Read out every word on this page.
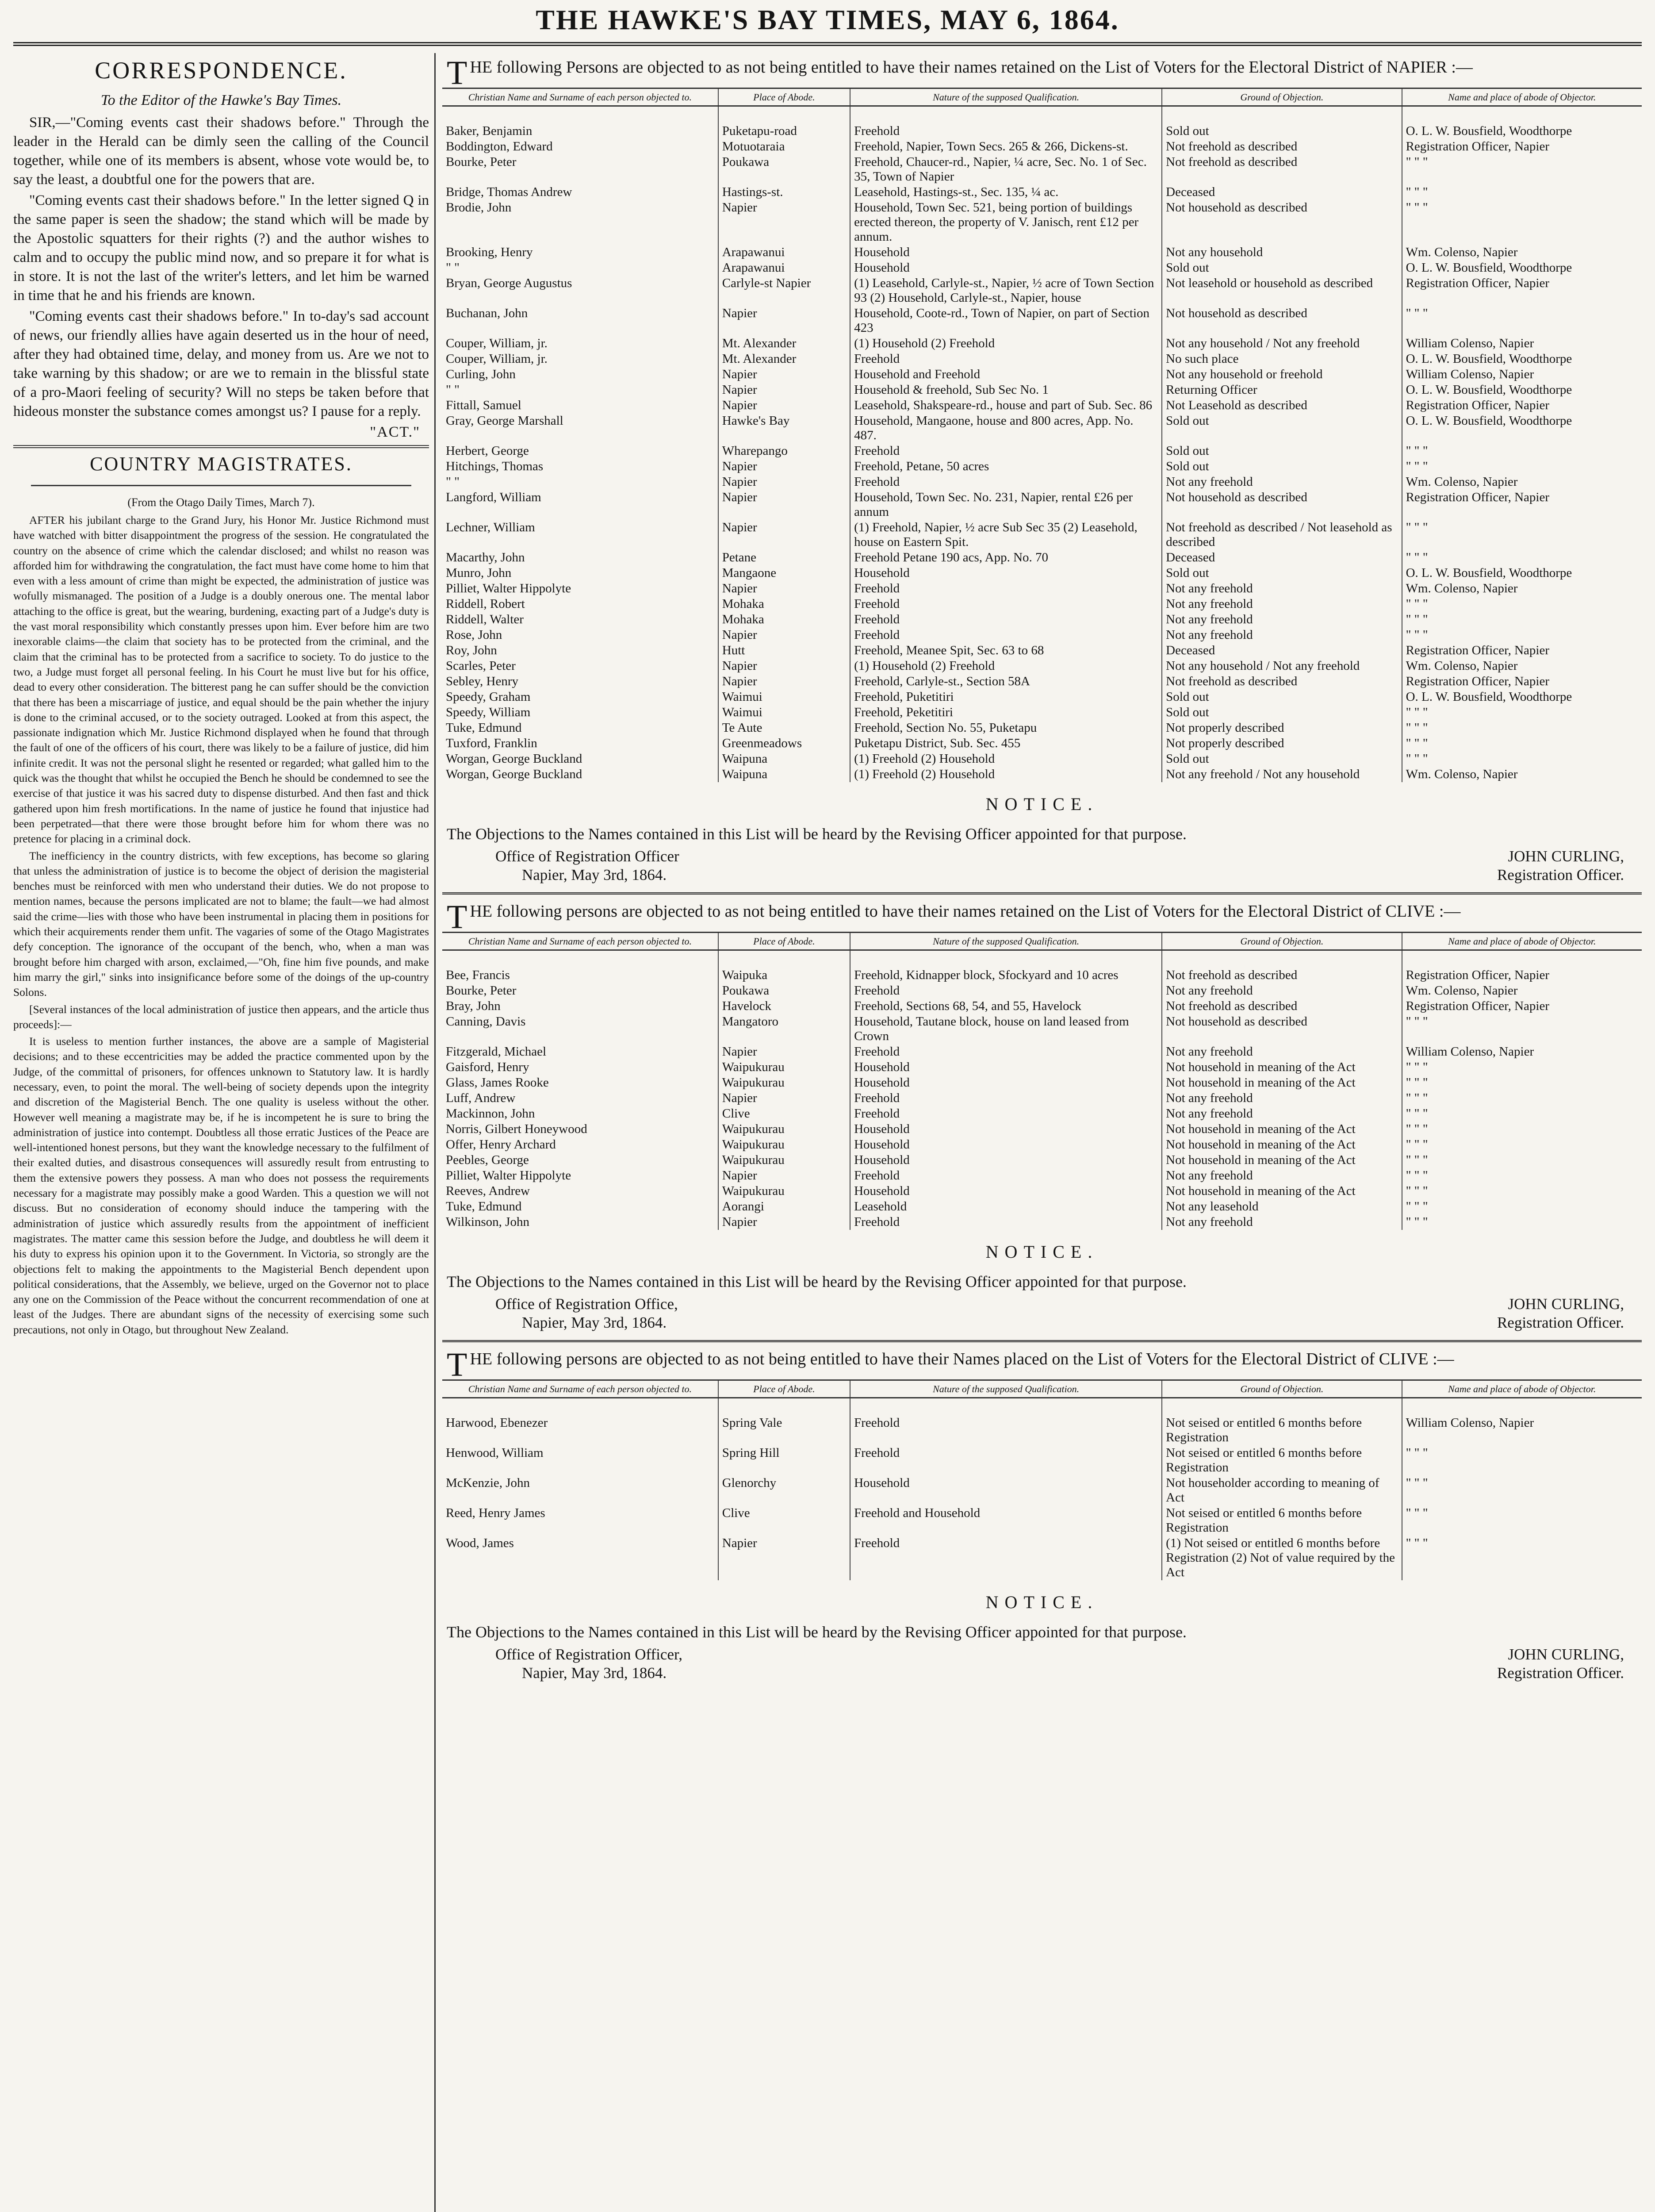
THE HAWKE'S BAY TIMES, MAY 6, 1864.
CORRESPONDENCE.
To the Editor of the Hawke's Bay Times.

SIR,—"Coming events cast their shadows before." Through the leader in the Herald can be dimly seen the calling of the Council together, while one of its members is absent, whose vote would be, to say the least, a doubtful one for the powers that are.

"Coming events cast their shadows before." In the letter signed Q in the same paper is seen the shadow; the stand which will be made by the Apostolic squatters for their rights (?) and the author wishes to calm and to occupy the public mind now, and so prepare it for what is in store. It is not the last of the writer's letters, and let him be warned in time that he and his friends are known.

"Coming events cast their shadows before." In to-day's sad account of news, our friendly allies have again deserted us in the hour of need, after they had obtained time, delay, and money from us. Are we not to take warning by this shadow; or are we to remain in the blissful state of a pro-Maori feeling of security? Will no steps be taken before that hideous monster the substance comes amongst us? I pause for a reply.

"ACT."
COUNTRY MAGISTRATES.
(From the Otago Daily Times, March 7).

AFTER his jubilant charge to the Grand Jury, his Honor Mr. Justice Richmond must have watched with bitter disappointment the progress of the session. He congratulated the country on the absence of crime which the calendar disclosed; and whilst no reason was afforded him for withdrawing the congratulation, the fact must have come home to him that even with a less amount of crime than might be expected, the administration of justice was wofully mismanaged. The position of a Judge is a doubly onerous one. The mental labor attaching to the office is great, but the wearing, burdening, exacting part of a Judge's duty is the vast moral responsibility which constantly presses upon him. Ever before him are two inexorable claims—the claim that society has to be protected from the criminal, and the claim that the criminal has to be protected from a sacrifice to society. To do justice to the two, a Judge must forget all personal feeling. In his Court he must live but for his office, dead to every other consideration. The bitterest pang he can suffer should be the conviction that there has been a miscarriage of justice, and equal should be the pain whether the injury is done to the criminal accused, or to the society outraged. Looked at from this aspect, the passionate indignation which Mr. Justice Richmond displayed when he found that through the fault of one of the officers of his court, there was likely to be a failure of justice, did him infinite credit. It was not the personal slight he resented or regarded; what galled him to the quick was the thought that whilst he occupied the Bench he should be condemned to see the exercise of that justice it was his sacred duty to dispense disturbed. And then fast and thick gathered upon him fresh mortifications. In the name of justice he found that injustice had been perpetrated—that there were those brought before him for whom there was no pretence for placing in a criminal dock.

The inefficiency in the country districts, with few exceptions, has become so glaring that unless the administration of justice is to become the object of derision the magisterial benches must be reinforced with men who understand their duties. We do not propose to mention names, because the persons implicated are not to blame; the fault—we had almost said the crime—lies with those who have been instrumental in placing them in positions for which their acquirements render them unfit. The vagaries of some of the Otago Magistrates defy conception. The ignorance of the occupant of the bench, who, when a man was brought before him charged with arson, exclaimed,—"Oh, fine him five pounds, and make him marry the girl," sinks into insignificance before some of the doings of the up-country Solons.

[Several instances of the local administration of justice then appears, and the article thus proceeds]:—

It is useless to mention further instances, the above are a sample of Magisterial decisions; and to these eccentricities may be added the practice commented upon by the Judge, of the committal of prisoners, for offences unknown to Statutory law. It is hardly necessary, even, to point the moral. The well-being of society depends upon the integrity and discretion of the Magisterial Bench. The one quality is useless without the other. However well meaning a magistrate may be, if he is incompetent he is sure to bring the administration of justice into contempt. Doubtless all those erratic Justices of the Peace are well-intentioned honest persons, but they want the knowledge necessary to the fulfilment of their exalted duties, and disastrous consequences will assuredly result from entrusting to them the extensive powers they possess. A man who does not possess the requirements necessary for a magistrate may possibly make a good Warden. This a question we will not discuss. But no consideration of economy should induce the tampering with the administration of justice which assuredly results from the appointment of inefficient magistrates. The matter came this session before the Judge, and doubtless he will deem it his duty to express his opinion upon it to the Government. In Victoria, so strongly are the objections felt to making the appointments to the Magisterial Bench dependent upon political considerations, that the Assembly, we believe, urged on the Governor not to place any one on the Commission of the Peace without the concurrent recommendation of one at least of the Judges. There are abundant signs of the necessity of exercising some such precautions, not only in Otago, but throughout New Zealand.

THE following Persons are objected to as not being entitled to have their names retained on the List of Voters for the Electoral District of NAPIER :—
Christian Name and Surname of each person objected to.	Place of Abode.	Nature of the supposed Qualification.	Ground of Objection.	Name and place of abode of Objector.

Baker, Benjamin	Puketapu-road	Freehold	Sold out	O. L. W. Bousfield, Woodthorpe
Boddington, Edward	Motuotaraia	Freehold, Napier, Town Secs. 265 & 266, Dickens-st.	Not freehold as described	Registration Officer, Napier
Bourke, Peter	Poukawa	Freehold, Chaucer-rd., Napier, ¼ acre, Sec. No. 1 of Sec. 35, Town of Napier	Not freehold as described	" " "
Bridge, Thomas Andrew	Hastings-st.	Leasehold, Hastings-st., Sec. 135, ¼ ac.	Deceased	" " "
Brodie, John	Napier	Household, Town Sec. 521, being portion of buildings erected thereon, the property of V. Janisch, rent £12 per annum.	Not household as described	" " "
Brooking, Henry	Arapawanui	Household	Not any household	Wm. Colenso, Napier
" "	Arapawanui	Household	Sold out	O. L. W. Bousfield, Woodthorpe
Bryan, George Augustus	Carlyle-st Napier	(1) Leasehold, Carlyle-st., Napier, ½ acre of Town Section 93 (2) Household, Carlyle-st., Napier, house	Not leasehold or household as described	Registration Officer, Napier
Buchanan, John	Napier	Household, Coote-rd., Town of Napier, on part of Section 423	Not household as described	" " "
Couper, William, jr.	Mt. Alexander	(1) Household (2) Freehold	Not any household / Not any freehold	William Colenso, Napier
Couper, William, jr.	Mt. Alexander	Freehold	No such place	O. L. W. Bousfield, Woodthorpe
Curling, John	Napier	Household and Freehold	Not any household or freehold	William Colenso, Napier
" "	Napier	Household & freehold, Sub Sec No. 1	Returning Officer	O. L. W. Bousfield, Woodthorpe
Fittall, Samuel	Napier	Leasehold, Shakspeare-rd., house and part of Sub. Sec. 86	Not Leasehold as described	Registration Officer, Napier
Gray, George Marshall	Hawke's Bay	Household, Mangaone, house and 800 acres, App. No. 487.	Sold out	O. L. W. Bousfield, Woodthorpe
Herbert, George	Wharepango	Freehold	Sold out	" " "
Hitchings, Thomas	Napier	Freehold, Petane, 50 acres	Sold out	" " "
" "	Napier	Freehold	Not any freehold	Wm. Colenso, Napier
Langford, William	Napier	Household, Town Sec. No. 231, Napier, rental £26 per annum	Not household as described	Registration Officer, Napier
Lechner, William	Napier	(1) Freehold, Napier, ½ acre Sub Sec 35 (2) Leasehold, house on Eastern Spit.	Not freehold as described / Not leasehold as described	" " "
Macarthy, John	Petane	Freehold Petane 190 acs, App. No. 70	Deceased	" " "
Munro, John	Mangaone	Household	Sold out	O. L. W. Bousfield, Woodthorpe
Pilliet, Walter Hippolyte	Napier	Freehold	Not any freehold	Wm. Colenso, Napier
Riddell, Robert	Mohaka	Freehold	Not any freehold	" " "
Riddell, Walter	Mohaka	Freehold	Not any freehold	" " "
Rose, John	Napier	Freehold	Not any freehold	" " "
Roy, John	Hutt	Freehold, Meanee Spit, Sec. 63 to 68	Deceased	Registration Officer, Napier
Scarles, Peter	Napier	(1) Household (2) Freehold	Not any household / Not any freehold	Wm. Colenso, Napier
Sebley, Henry	Napier	Freehold, Carlyle-st., Section 58A	Not freehold as described	Registration Officer, Napier
Speedy, Graham	Waimui	Freehold, Puketitiri	Sold out	O. L. W. Bousfield, Woodthorpe
Speedy, William	Waimui	Freehold, Peketitiri	Sold out	" " "
Tuke, Edmund	Te Aute	Freehold, Section No. 55, Puketapu	Not properly described	" " "
Tuxford, Franklin	Greenmeadows	Puketapu District, Sub. Sec. 455	Not properly described	" " "
Worgan, George Buckland	Waipuna	(1) Freehold (2) Household	Sold out	" " "
Worgan, George Buckland	Waipuna	(1) Freehold (2) Household	Not any freehold / Not any household	Wm. Colenso, Napier
NOTICE.
The Objections to the Names contained in this List will be heard by the Revising Officer appointed for that purpose.
Office of Registration Officer
Napier, May 3rd, 1864.
JOHN CURLING,
Registration Officer.
THE following persons are objected to as not being entitled to have their names retained on the List of Voters for the Electoral District of CLIVE :—
Christian Name and Surname of each person objected to.	Place of Abode.	Nature of the supposed Qualification.	Ground of Objection.	Name and place of abode of Objector.

Bee, Francis	Waipuka	Freehold, Kidnapper block, Sfockyard and 10 acres	Not freehold as described	Registration Officer, Napier
Bourke, Peter	Poukawa	Freehold	Not any freehold	Wm. Colenso, Napier
Bray, John	Havelock	Freehold, Sections 68, 54, and 55, Havelock	Not freehold as described	Registration Officer, Napier
Canning, Davis	Mangatoro	Household, Tautane block, house on land leased from Crown	Not household as described	" " "
Fitzgerald, Michael	Napier	Freehold	Not any freehold	William Colenso, Napier
Gaisford, Henry	Waipukurau	Household	Not household in meaning of the Act	" " "
Glass, James Rooke	Waipukurau	Household	Not household in meaning of the Act	" " "
Luff, Andrew	Napier	Freehold	Not any freehold	" " "
Mackinnon, John	Clive	Freehold	Not any freehold	" " "
Norris, Gilbert Honeywood	Waipukurau	Household	Not household in meaning of the Act	" " "
Offer, Henry Archard	Waipukurau	Household	Not household in meaning of the Act	" " "
Peebles, George	Waipukurau	Household	Not household in meaning of the Act	" " "
Pilliet, Walter Hippolyte	Napier	Freehold	Not any freehold	" " "
Reeves, Andrew	Waipukurau	Household	Not household in meaning of the Act	" " "
Tuke, Edmund	Aorangi	Leasehold	Not any leasehold	" " "
Wilkinson, John	Napier	Freehold	Not any freehold	" " "
NOTICE.
The Objections to the Names contained in this List will be heard by the Revising Officer appointed for that purpose.
Office of Registration Office,
Napier, May 3rd, 1864.
JOHN CURLING,
Registration Officer.
THE following persons are objected to as not being entitled to have their Names placed on the List of Voters for the Electoral District of CLIVE :—
Christian Name and Surname of each person objected to.	Place of Abode.	Nature of the supposed Qualification.	Ground of Objection.	Name and place of abode of Objector.

Harwood, Ebenezer	Spring Vale	Freehold	Not seised or entitled 6 months before Registration	William Colenso, Napier
Henwood, William	Spring Hill	Freehold	Not seised or entitled 6 months before Registration	" " "
McKenzie, John	Glenorchy	Household	Not householder according to meaning of Act	" " "
Reed, Henry James	Clive	Freehold and Household	Not seised or entitled 6 months before Registration	" " "
Wood, James	Napier	Freehold	(1) Not seised or entitled 6 months before Registration (2) Not of value required by the Act	" " "
NOTICE.
The Objections to the Names contained in this List will be heard by the Revising Officer appointed for that purpose.
Office of Registration Officer,
Napier, May 3rd, 1864.
JOHN CURLING,
Registration Officer.
